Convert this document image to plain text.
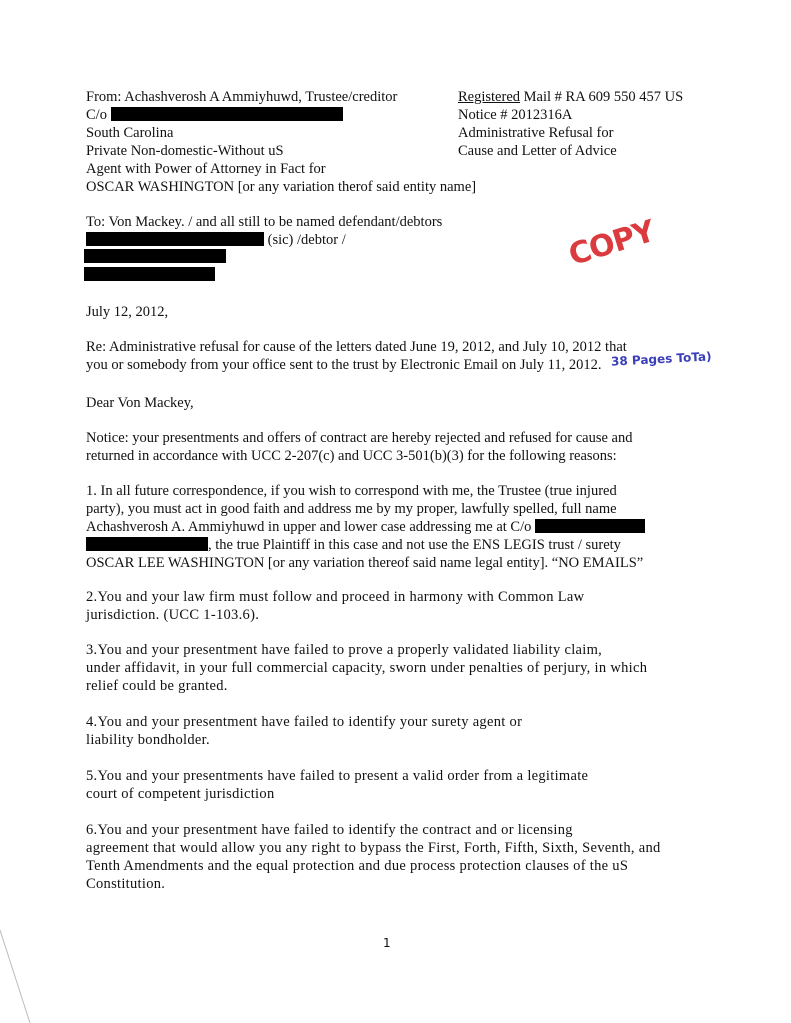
From: Achashverosh A Ammiyhuwd, Trustee/creditor
C/o
South Carolina
Private Non-domestic-Without uS
Agent with Power of Attorney in Fact for
OSCAR WASHINGTON [or any variation therof said entity name]
Registered Mail # RA 609 550 457 US
Notice # 2012316A
Administrative Refusal for
Cause and Letter of Advice
To: Von Mackey. / and all still to be named defendant/debtors
(sic) /debtor /	COPY
July 12, 2012,
Re: Administrative refusal for cause of the letters dated June 19, 2012, and July 10, 2012 that
you or somebody from your office sent to the trust by Electronic Email on July 11, 2012. 38 Pages ToTa)
Dear Von Mackey,
Notice: your presentments and offers of contract are hereby rejected and refused for cause and
returned in accordance with UCC 2-207(c) and UCC 3-501(b)(3) for the following reasons:
1. In all future correspondence, if you wish to correspond with me, the Trustee (true injured
party), you must act in good faith and address me by my proper, lawfully spelled, full name
Achashverosh A. Ammiyhuwd in upper and lower case addressing me at C/o
, the true Plaintiff in this case and not use the ENS LEGIS trust / surety
OSCAR LEE WASHINGTON [or any variation thereof said name legal entity]. “NO EMAILS”
2.You and your law firm must follow and proceed in harmony with Common Law
jurisdiction. (UCC 1-103.6).
3.You and your presentment have failed to prove a properly validated liability claim,
under affidavit, in your full commercial capacity, sworn under penalties of perjury, in which
relief could be granted.
4.You and your presentment have failed to identify your surety agent or
liability bondholder.
5.You and your presentments have failed to present a valid order from a legitimate
court of competent jurisdiction
6.You and your presentment have failed to identify the contract and or licensing
agreement that would allow you any right to bypass the First, Forth, Fifth, Sixth, Seventh, and
Tenth Amendments and the equal protection and due process protection clauses of the uS
Constitution.
1
